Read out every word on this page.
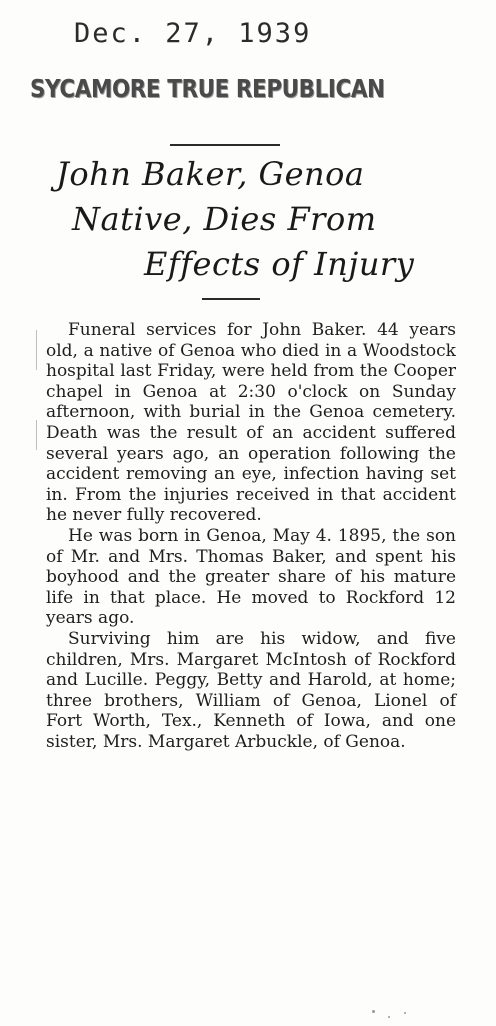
Dec. 27, 1939
SYCAMORE TRUE REPUBLICAN
John Baker, Genoa
Native, Dies From
Effects of Injury

Funeral services for John Baker. 44 years old, a native of Genoa who died in a Woodstock hospital last Friday, were held from the Cooper chapel in Genoa at 2:30 o'clock on Sunday afternoon, with burial in the Genoa cemetery. Death was the result of an accident suffered several years ago, an operation following the accident removing an eye, infection having set in. From the injuries received in that accident he never fully recovered.

He was born in Genoa, May 4. 1895, the son of Mr. and Mrs. Thomas Baker, and spent his boyhood and the greater share of his mature life in that place. He moved to Rockford 12 years ago.

Surviving him are his widow, and five children, Mrs. Margaret McIntosh of Rockford and Lucille. Peggy, Betty and Harold, at home; three brothers, William of Genoa, Lionel of Fort Worth, Tex., Kenneth of Iowa, and one sister, Mrs. Margaret Arbuckle, of Genoa.
